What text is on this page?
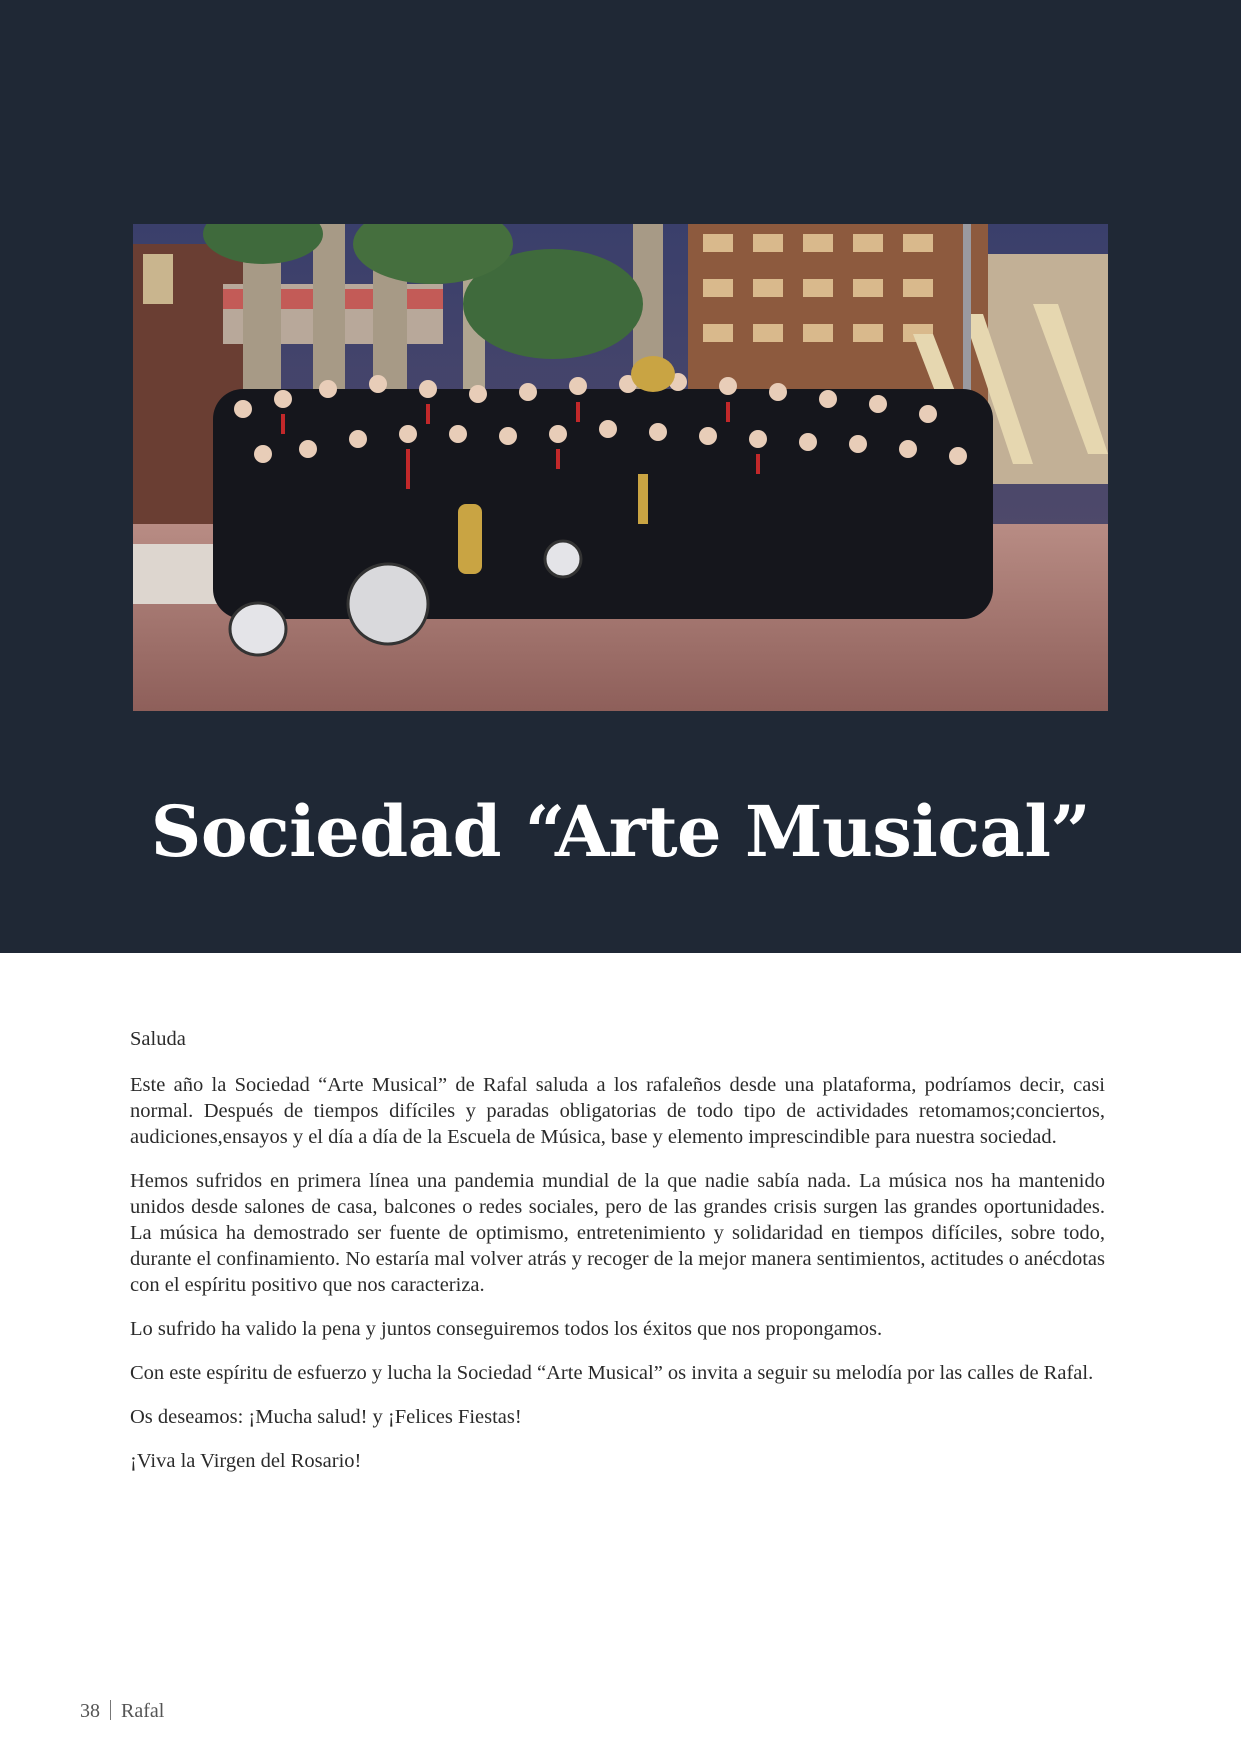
Sociedad “Arte Musical”

Saluda

Este año la Sociedad “Arte Musical” de Rafal saluda a los rafaleños desde una plataforma, podríamos decir, casi normal. Después de tiempos difíciles y paradas obligatorias de todo tipo de actividades retomamos;conciertos, audiciones,ensayos y el día a día de la Escuela de Música, base y elemento imprescindible para nuestra sociedad.

Hemos sufridos en primera línea una pandemia mundial de la que nadie sabía nada. La música nos ha mantenido unidos desde salones de casa, balcones o redes sociales, pero de las grandes crisis surgen las grandes oportunidades. La música ha demostrado ser fuente de optimismo, entretenimiento y solidaridad en tiempos difíciles, sobre todo, durante el confinamiento. No estaría mal volver atrás y recoger de la mejor manera sentimientos, actitudes o anécdotas con el espíritu positivo que nos caracteriza.

Lo sufrido ha valido la pena y juntos conseguiremos todos los éxitos que nos propongamos.

Con este espíritu de esfuerzo y lucha la Sociedad “Arte Musical” os invita a seguir su melodía por las calles de Rafal.

Os deseamos: ¡Mucha salud! y ¡Felices Fiestas!

¡Viva la Virgen del Rosario!

38 Rafal
